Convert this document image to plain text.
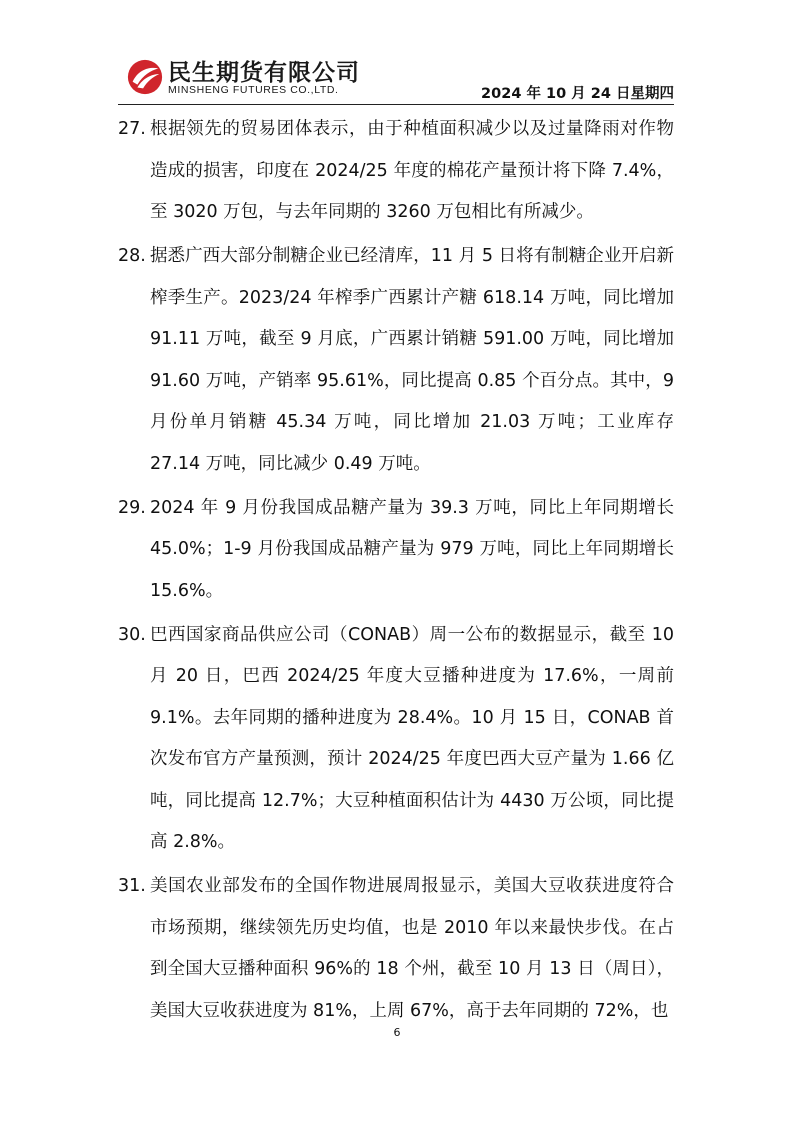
民生期货有限公司
MINSHENG FUTURES CO.,LTD.	2024 年 10 月 24 日星期四
27. 根据领先的贸易团体表示，由于种植面积减少以及过量降雨对作物造成的损害，印度在 2024/25 年度的棉花产量预计将下降 7.4%，至 3020 万包，与去年同期的 3260 万包相比有所减少。
28. 据悉广西大部分制糖企业已经清库，11 月 5 日将有制糖企业开启新榨季生产。2023/24 年榨季广西累计产糖 618.14 万吨，同比增加 91.11 万吨，截至 9 月底，广西累计销糖 591.00 万吨，同比增加 91.60 万吨，产销率 95.61%，同比提高 0.85 个百分点。其中，9 月份单月销糖 45.34 万吨，同比增加 21.03 万吨；工业库存 27.14 万吨，同比减少 0.49 万吨。
29. 2024 年 9 月份我国成品糖产量为 39.3 万吨，同比上年同期增长 45.0%；1-9 月份我国成品糖产量为 979 万吨，同比上年同期增长 15.6%。
30. 巴西国家商品供应公司（CONAB）周一公布的数据显示，截至 10 月 20 日，巴西 2024/25 年度大豆播种进度为 17.6%，一周前 9.1%。去年同期的播种进度为 28.4%。10 月 15 日，CONAB 首次发布官方产量预测，预计 2024/25 年度巴西大豆产量为 1.66 亿吨，同比提高 12.7%；大豆种植面积估计为 4430 万公顷，同比提高 2.8%。
31. 美国农业部发布的全国作物进展周报显示，美国大豆收获进度符合市场预期，继续领先历史均值，也是 2010 年以来最快步伐。在占到全国大豆播种面积 96%的 18 个州，截至 10 月 13 日（周日），美国大豆收获进度为 81%，上周 67%，高于去年同期的 72%，也
6
